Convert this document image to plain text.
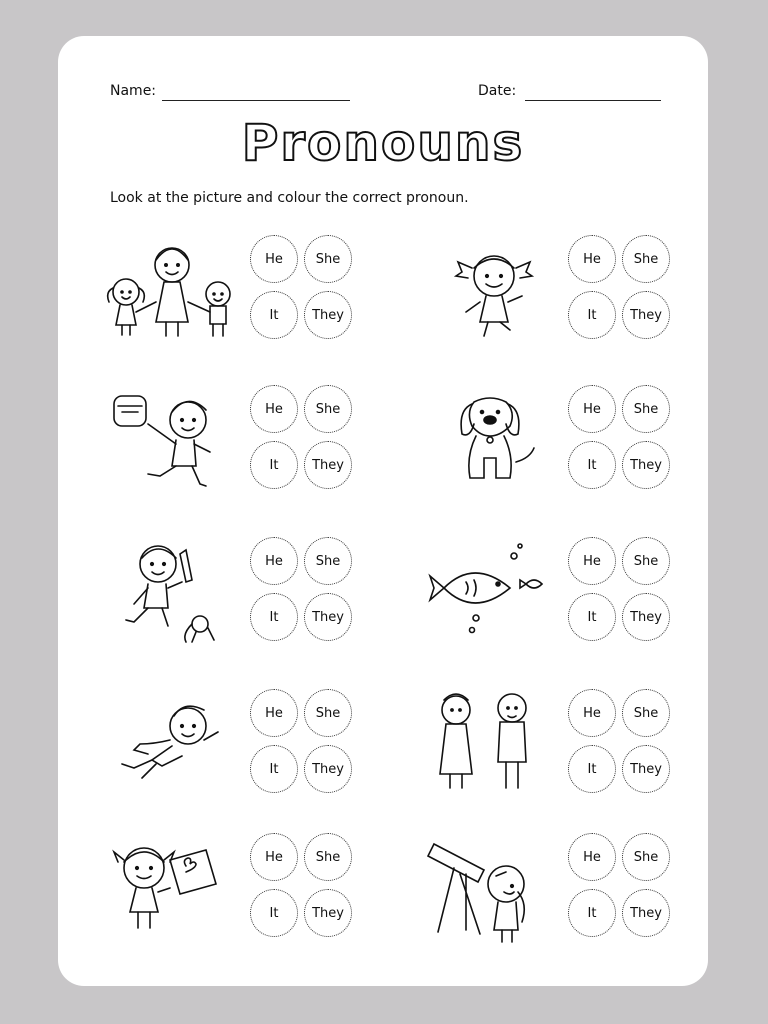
Name:	Date:
Pronouns
Look at the picture and colour the correct pronoun.
He	She
It	They
He	She
It	They
He	She
It	They
He	She
It	They
He	She
It	They
He	She
It	They
He	She
It	They
He	She
It	They
He	She
It	They
He	She
It	They
